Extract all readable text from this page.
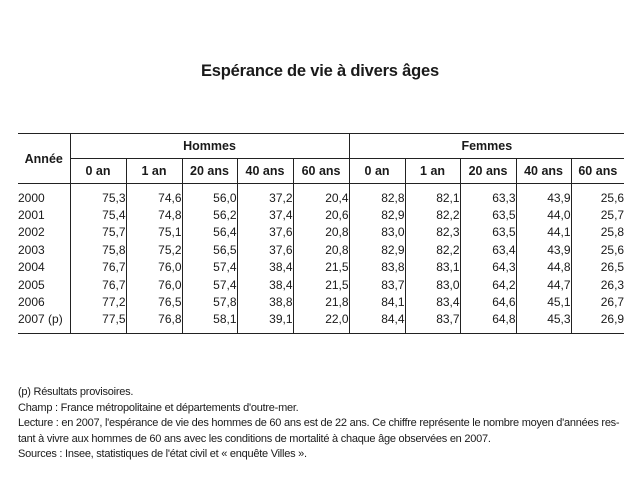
Espérance de vie à divers âges
Année	Hommes					Femmes				
	0 an	1 an	20 ans	40 ans	60 ans	0 an	1 an	20 ans	40 ans	60 ans
2000	75,3	74,6	56,0	37,2	20,4	82,8	82,1	63,3	43,9	25,6
2001	75,4	74,8	56,2	37,4	20,6	82,9	82,2	63,5	44,0	25,7
2002	75,7	75,1	56,4	37,6	20,8	83,0	82,3	63,5	44,1	25,8
2003	75,8	75,2	56,5	37,6	20,8	82,9	82,2	63,4	43,9	25,6
2004	76,7	76,0	57,4	38,4	21,5	83,8	83,1	64,3	44,8	26,5
2005	76,7	76,0	57,4	38,4	21,5	83,7	83,0	64,2	44,7	26,3
2006	77,2	76,5	57,8	38,8	21,8	84,1	83,4	64,6	45,1	26,7
2007 (p)	77,5	76,8	58,1	39,1	22,0	84,4	83,7	64,8	45,3	26,9
(p) Résultats provisoires.
Champ : France métropolitaine et départements d'outre-mer.
Lecture : en 2007, l'espérance de vie des hommes de 60 ans est de 22 ans. Ce chiffre représente le nombre moyen d'années res-
tant à vivre aux hommes de 60 ans avec les conditions de mortalité à chaque âge observées en 2007.
Sources : Insee, statistiques de l'état civil et « enquête Villes ».
